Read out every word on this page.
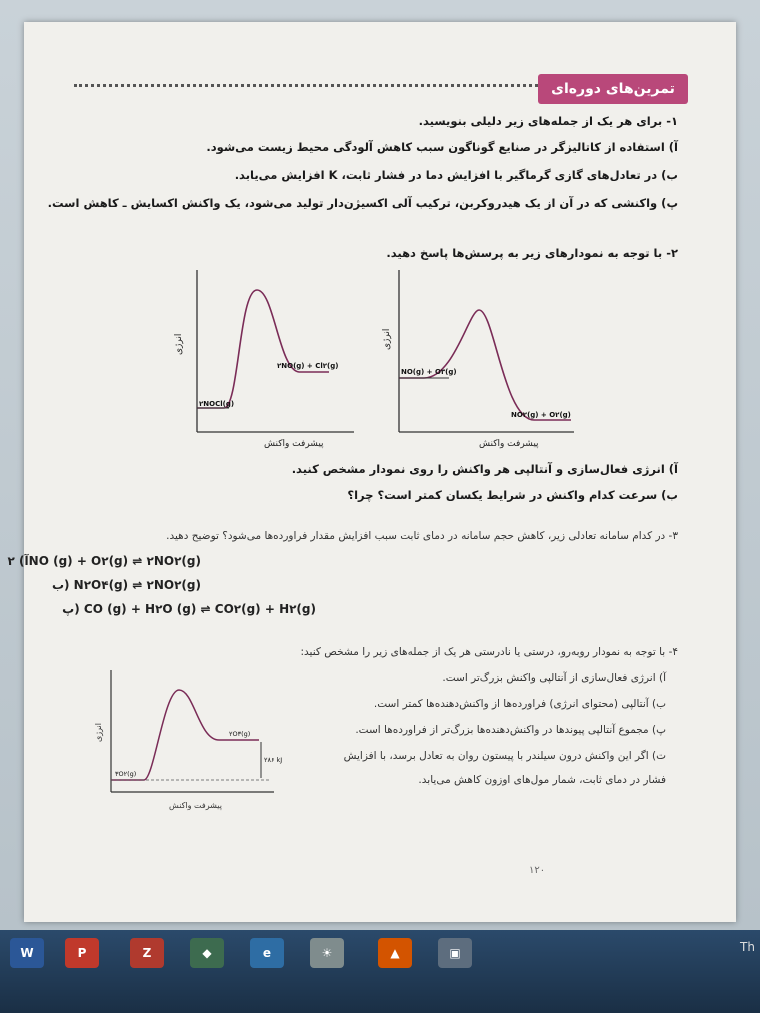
تمرین‌های دوره‌ای
۱- برای هر یک از جمله‌های زیر دلیلی بنویسید.
آ) استفاده از کاتالیزگر در صنایع گوناگون سبب کاهش آلودگی محیط زیست می‌شود.
ب) در تعادل‌های گازی گرماگیر با افزایش دما در فشار ثابت، K افزایش می‌یابد.
پ) واکنشی که در آن از یک هیدروکربن، ترکیب آلی اکسیژن‌دار تولید می‌شود، یک واکنش اکسایش ـ کاهش است.
۲- با توجه به نمودارهای زیر به پرسش‌ها پاسخ دهید.
۲NOCl(g)
۲NO(g) + Cl۲(g)
انرژی
پیشرفت واکنش
NO(g) + O۳(g)
NO۲(g) + O۲(g)
انرژی
پیشرفت واکنش
آ) انرژی فعال‌سازی و آنتالپی هر واکنش را روی نمودار مشخص کنید.
ب) سرعت کدام واکنش در شرایط یکسان کمتر است؟ چرا؟
۳- در کدام سامانه تعادلی زیر، کاهش حجم سامانه در دمای ثابت سبب افزایش مقدار فراورده‌ها می‌شود؟ توضیح دهید.
آ) ۲NO (g) + O۲(g) ⇌ ۲NO۲(g)
ب) N۲O۴(g) ⇌ ۲NO۲(g)
پ) CO (g) + H۲O (g) ⇌ CO۲(g) + H۲(g)
۴- با توجه به نمودار روبه‌رو، درستی یا نادرستی هر یک از جمله‌های زیر را مشخص کنید:
آ) انرژی فعال‌سازی از آنتالپی واکنش بزرگ‌تر است.
ب) آنتالپی (محتوای انرژی) فراورده‌ها از واکنش‌دهنده‌ها کمتر است.
پ) مجموع آنتالپی پیوندها در واکنش‌دهنده‌ها بزرگ‌تر از فراورده‌ها است.
ت) اگر این واکنش درون سیلندر با پیستون روان به تعادل برسد، با افزایش
فشار در دمای ثابت، شمار مول‌های اوزون کاهش می‌یابد.
۳O۲(g)
۲O۳(g)
۲۸۶ kJ
انرژی
پیشرفت واکنش
۱۲۰
W	P	Z	◆	e	☀	▲	▣	Th
